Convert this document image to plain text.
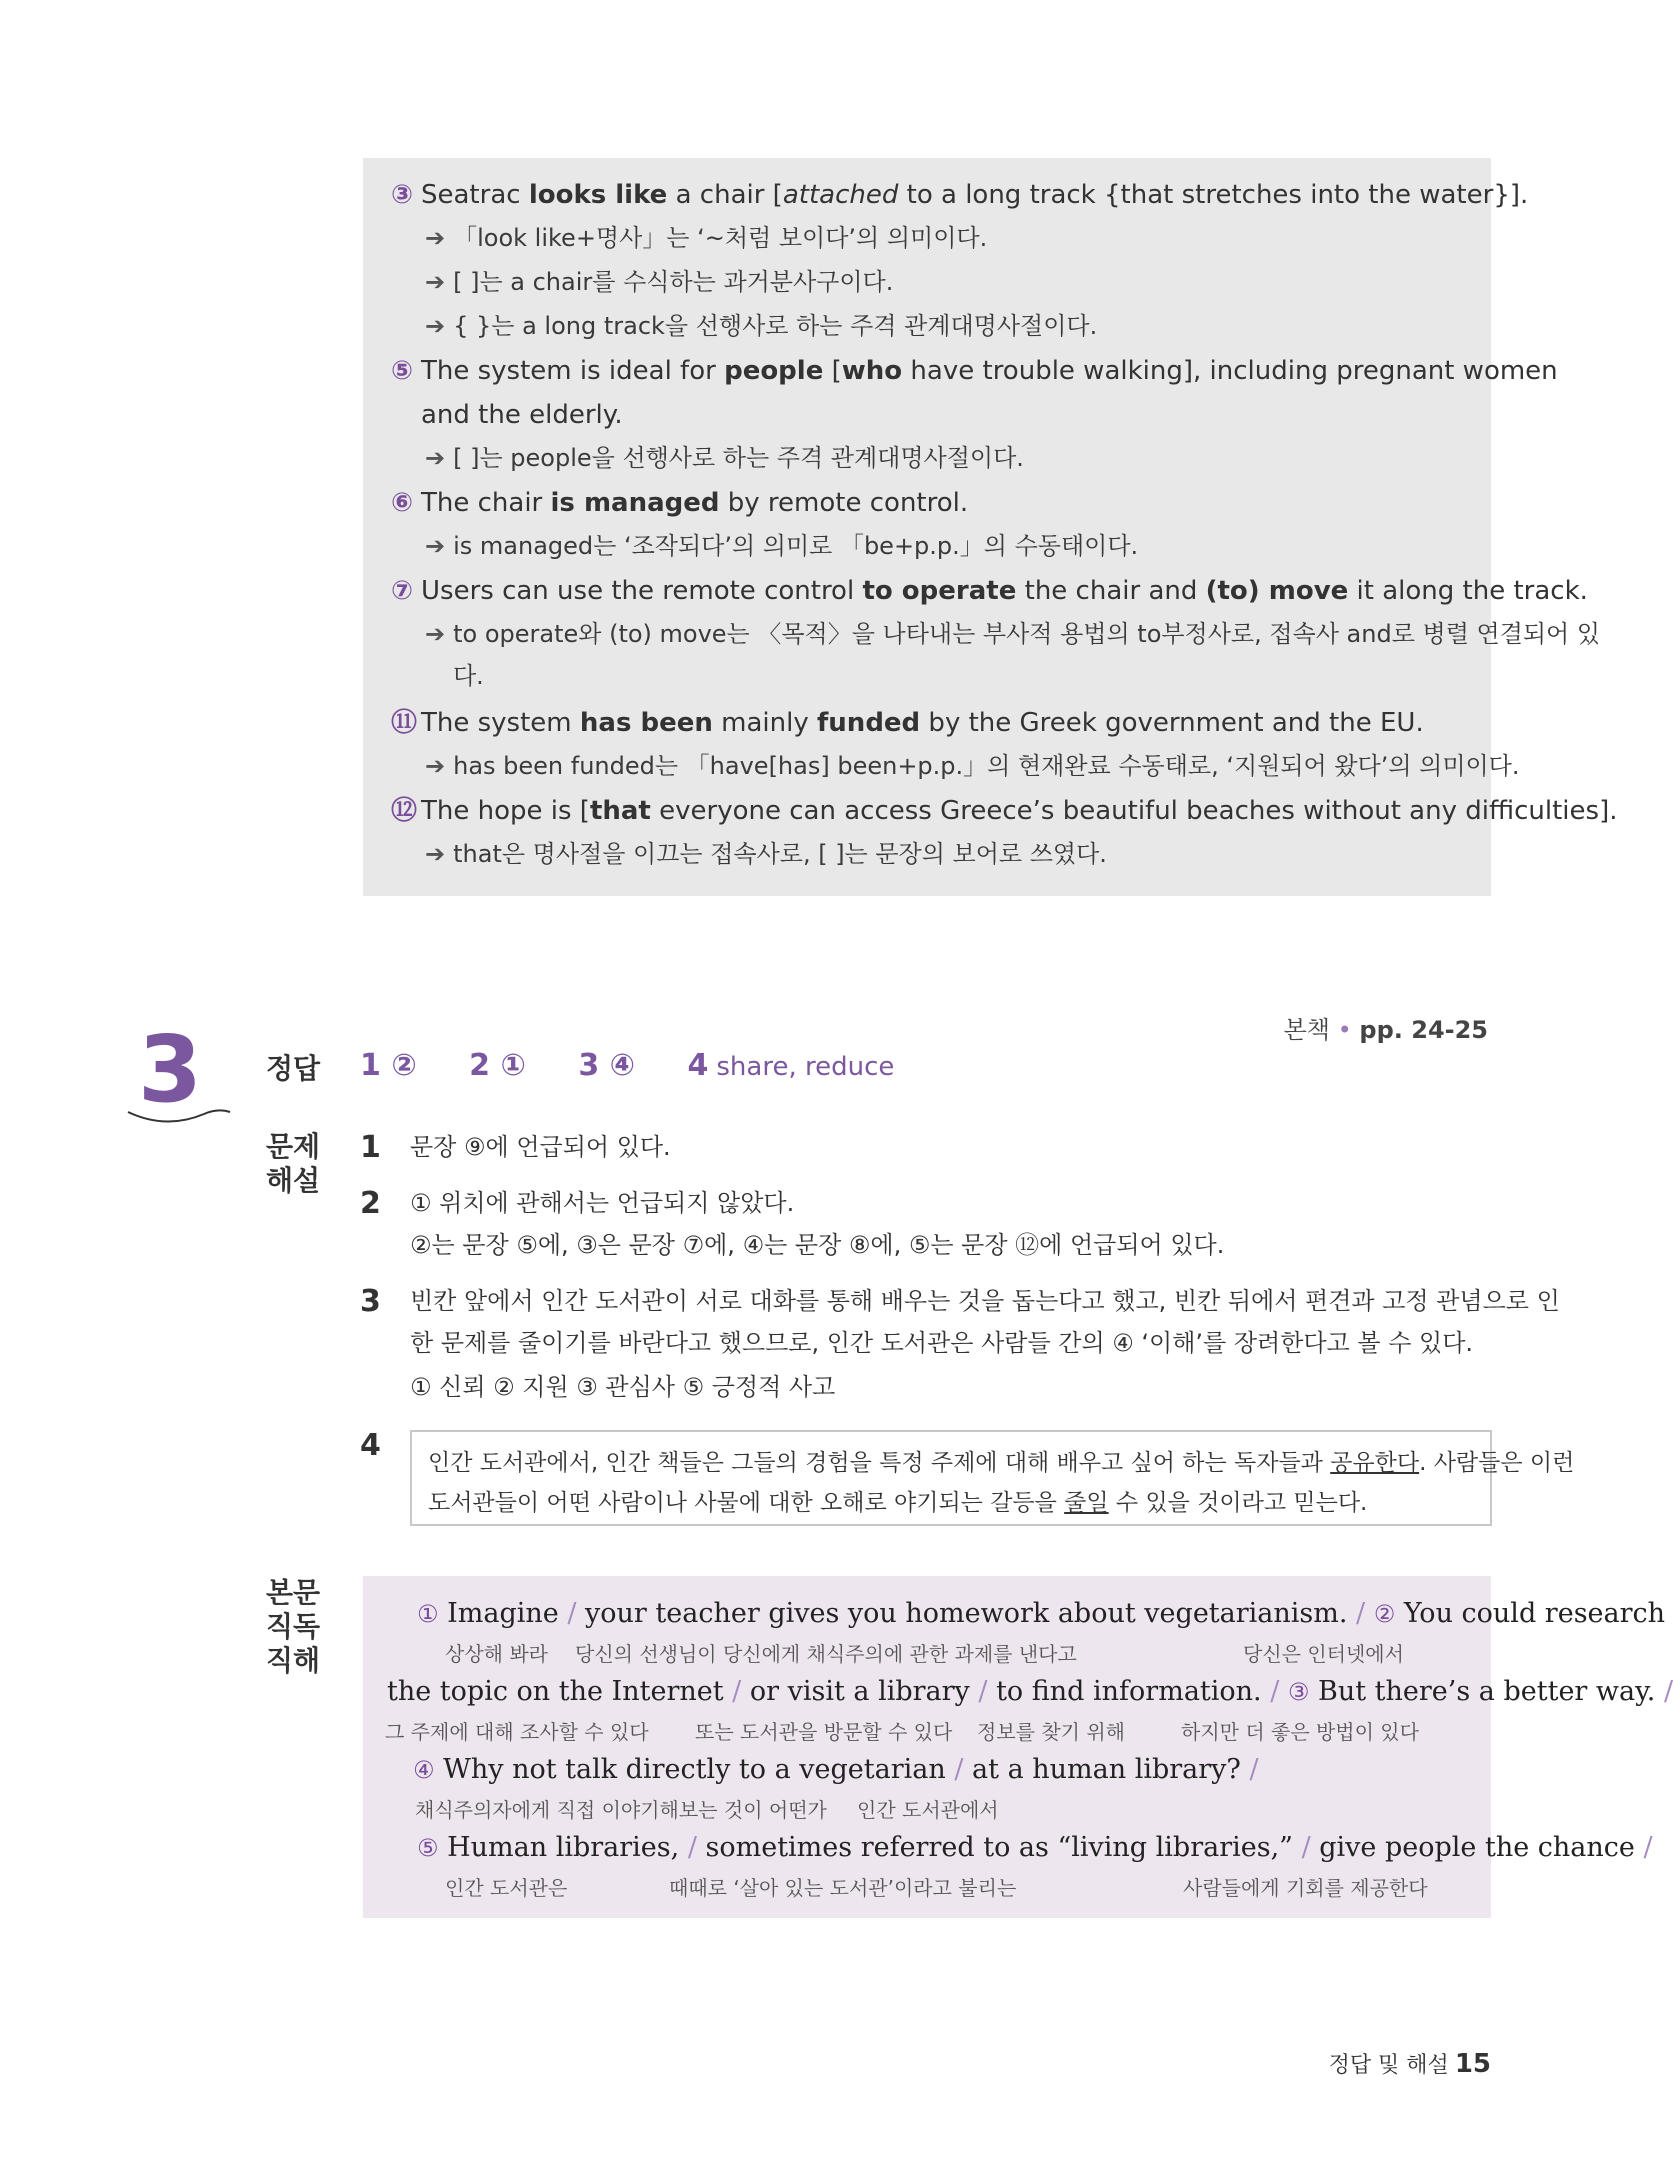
③ Seatrac looks like a chair [attached to a long track {that stretches into the water}].
➔ 「look like+명사」는 ‘~처럼 보이다’의 의미이다.
➔ [ ]는 a chair를 수식하는 과거분사구이다.
➔ { }는 a long track을 선행사로 하는 주격 관계대명사절이다.
⑤ The system is ideal for people [who have trouble walking], including pregnant women
and the elderly.
➔ [ ]는 people을 선행사로 하는 주격 관계대명사절이다.
⑥ The chair is managed by remote control.
➔ is managed는 ‘조작되다’의 의미로 「be+p.p.」의 수동태이다.
⑦ Users can use the remote control to operate the chair and (to) move it along the track.
➔ to operate와 (to) move는 〈목적〉을 나타내는 부사적 용법의 to부정사로, 접속사 and로 병렬 연결되어 있
다.
⑪ The system has been mainly funded by the Greek government and the EU.
➔ has been funded는 「have[has] been+p.p.」의 현재완료 수동태로, ‘지원되어 왔다’의 의미이다.
⑫ The hope is [that everyone can access Greece’s beautiful beaches without any difficulties].
➔ that은 명사절을 이끄는 접속사로, [ ]는 문장의 보어로 쓰였다.
본책 • pp. 24-25
3 정답 1 ② 2 ① 3 ④ 4 share, reduce
문제
해설
1 문장 ⑨에 언급되어 있다.
2 ① 위치에 관해서는 언급되지 않았다.
②는 문장 ⑤에, ③은 문장 ⑦에, ④는 문장 ⑧에, ⑤는 문장 ⑫에 언급되어 있다.
3 빈칸 앞에서 인간 도서관이 서로 대화를 통해 배우는 것을 돕는다고 했고, 빈칸 뒤에서 편견과 고정 관념으로 인
한 문제를 줄이기를 바란다고 했으므로, 인간 도서관은 사람들 간의 ④ ‘이해’를 장려한다고 볼 수 있다.
① 신뢰 ② 지원 ③ 관심사 ⑤ 긍정적 사고
4 인간 도서관에서, 인간 책들은 그들의 경험을 특정 주제에 대해 배우고 싶어 하는 독자들과 공유한다. 사람들은 이런
도서관들이 어떤 사람이나 사물에 대한 오해로 야기되는 갈등을 줄일 수 있을 것이라고 믿는다.
본문
직독
직해
① Imagine / your teacher gives you homework about vegetarianism. / ② You could research
상상해 봐라 당신의 선생님이 당신에게 채식주의에 관한 과제를 낸다고	당신은 인터넷에서
the topic on the Internet / or visit a library / to find information. / ③ But there’s a better way. /
그 주제에 대해 조사할 수 있다 또는 도서관을 방문할 수 있다 정보를 찾기 위해	하지만 더 좋은 방법이 있다
④ Why not talk directly to a vegetarian / at a human library? /
채식주의자에게 직접 이야기해보는 것이 어떤가 인간 도서관에서
⑤ Human libraries, / sometimes referred to as “living libraries,” / give people the chance /
인간 도서관은	때때로 ‘살아 있는 도서관’이라고 불리는	사람들에게 기회를 제공한다
정답 및 해설 15
